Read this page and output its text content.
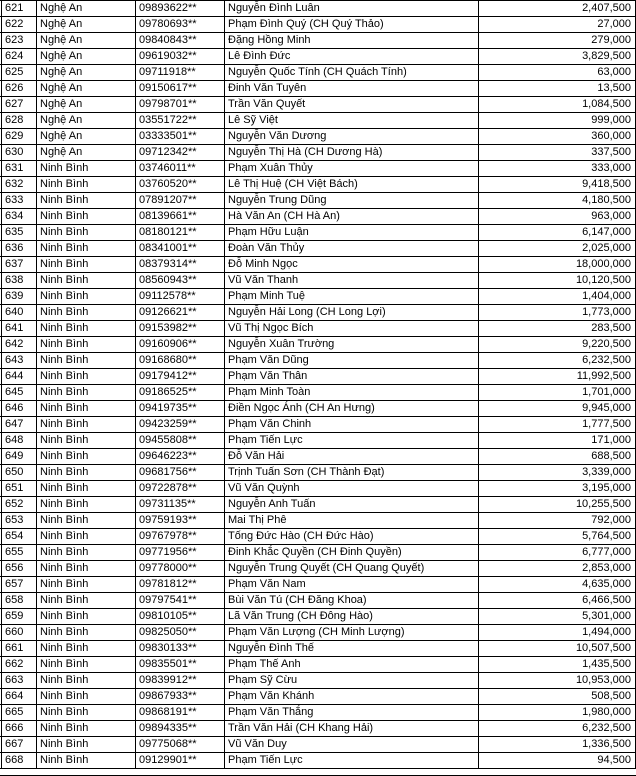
	621	Nghệ An	09893622**	Nguyễn Đình Luân	2,407,500
	622	Nghệ An	09780693**	Phạm Đình Quý (CH Quý Thảo)	27,000
	623	Nghệ An	09840843**	Đặng Hồng Minh	279,000
	624	Nghệ An	09619032**	Lê Đình Đức	3,829,500
	625	Nghệ An	09711918**	Nguyễn Quốc Tính (CH Quách Tính)	63,000
	626	Nghệ An	09150617**	Đinh Văn Tuyên	13,500
	627	Nghệ An	09798701**	Trần Văn Quyết	1,084,500
	628	Nghệ An	03551722**	Lê Sỹ Việt	999,000
	629	Nghệ An	03333501**	Nguyễn Văn Dương	360,000
	630	Nghệ An	09712342**	Nguyễn Thị Hà (CH Dương Hà)	337,500
	631	Ninh Bình	03746011**	Phạm Xuân Thủy	333,000
	632	Ninh Bình	03760520**	Lê Thị Huệ (CH Việt Bách)	9,418,500
	633	Ninh Bình	07891207**	Nguyễn Trung Dũng	4,180,500
	634	Ninh Bình	08139661**	Hà Văn An (CH Hà An)	963,000
	635	Ninh Bình	08180121**	Phạm Hữu Luận	6,147,000
	636	Ninh Bình	08341001**	Đoàn Văn Thủy	2,025,000
	637	Ninh Bình	08379314**	Đỗ Minh Ngọc	18,000,000
	638	Ninh Bình	08560943**	Vũ Văn Thanh	10,120,500
	639	Ninh Bình	09112578**	Phạm Minh Tuệ	1,404,000
	640	Ninh Bình	09126621**	Nguyễn Hải Long (CH Long Lợi)	1,773,000
	641	Ninh Bình	09153982**	Vũ Thị Ngọc Bích	283,500
	642	Ninh Bình	09160906**	Nguyễn Xuân Trường	9,220,500
	643	Ninh Bình	09168680**	Phạm Văn Dũng	6,232,500
	644	Ninh Bình	09179412**	Phạm Văn Thân	11,992,500
	645	Ninh Bình	09186525**	Phạm Minh Toàn	1,701,000
	646	Ninh Bình	09419735**	Điền Ngọc Ánh (CH An Hưng)	9,945,000
	647	Ninh Bình	09423259**	Phạm Văn Chinh	1,777,500
	648	Ninh Bình	09455808**	Phạm Tiến Lực	171,000
	649	Ninh Bình	09646223**	Đỗ Văn Hải	688,500
	650	Ninh Bình	09681756**	Trịnh Tuấn Sơn (CH Thành Đạt)	3,339,000
	651	Ninh Bình	09722878**	Vũ Văn Quỳnh	3,195,000
	652	Ninh Bình	09731135**	Nguyễn Anh Tuấn	10,255,500
	653	Ninh Bình	09759193**	Mai Thị Phê	792,000
	654	Ninh Bình	09767978**	Tống Đức Hào (CH Đức Hào)	5,764,500
	655	Ninh Bình	09771956**	Đinh Khắc Quyền (CH Đinh Quyền)	6,777,000
	656	Ninh Bình	09778000**	Nguyễn Trung Quyết (CH Quang Quyết)	2,853,000
	657	Ninh Bình	09781812**	Phạm Văn Nam	4,635,000
	658	Ninh Bình	09797541**	Bùi Văn Tú (CH Đăng Khoa)	6,466,500
	659	Ninh Bình	09810105**	Lã Văn Trung (CH Đông Hào)	5,301,000
	660	Ninh Bình	09825050**	Phạm Văn Lượng (CH Minh Lượng)	1,494,000
	661	Ninh Bình	09830133**	Nguyễn Đình Thế	10,507,500
	662	Ninh Bình	09835501**	Phạm Thế Anh	1,435,500
	663	Ninh Bình	09839912**	Phạm Sỹ Cừu	10,953,000
	664	Ninh Bình	09867933**	Phạm Văn Khánh	508,500
	665	Ninh Bình	09868191**	Phạm Văn Thắng	1,980,000
	666	Ninh Bình	09894335**	Trần Văn Hải (CH Khang Hải)	6,232,500
	667	Ninh Bình	09775068**	Vũ Văn Duy	1,336,500
	668	Ninh Bình	09129901**	Phạm Tiến Lực	94,500
